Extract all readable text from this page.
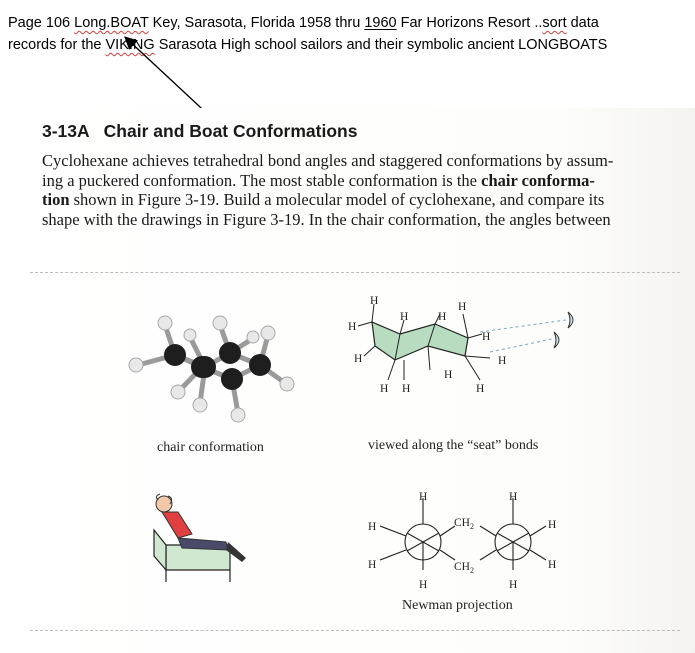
Page 106 Long.BOAT Key, Sarasota, Florida 1958 thru 1960 Far Horizons Resort ..sort data
records for the VIKING Sarasota High school sailors and their symbolic ancient LONGBOATS
3-13A Chair and Boat Conformations
Cyclohexane achieves tetrahedral bond angles and staggered conformations by assum-
ing a puckered conformation. The most stable conformation is the chair conforma-
tion shown in Figure 3-19. Build a molecular model of cyclohexane, and compare its
shape with the drawings in Figure 3-19. In the chair conformation, the angles between
chair conformation
H
H
H	H
H
H
H
H
H
H H	H
viewed along the “seat” bonds
H
H
H
H
$CH_2$
$CH_2$
H
H
H
H
Newman projection
